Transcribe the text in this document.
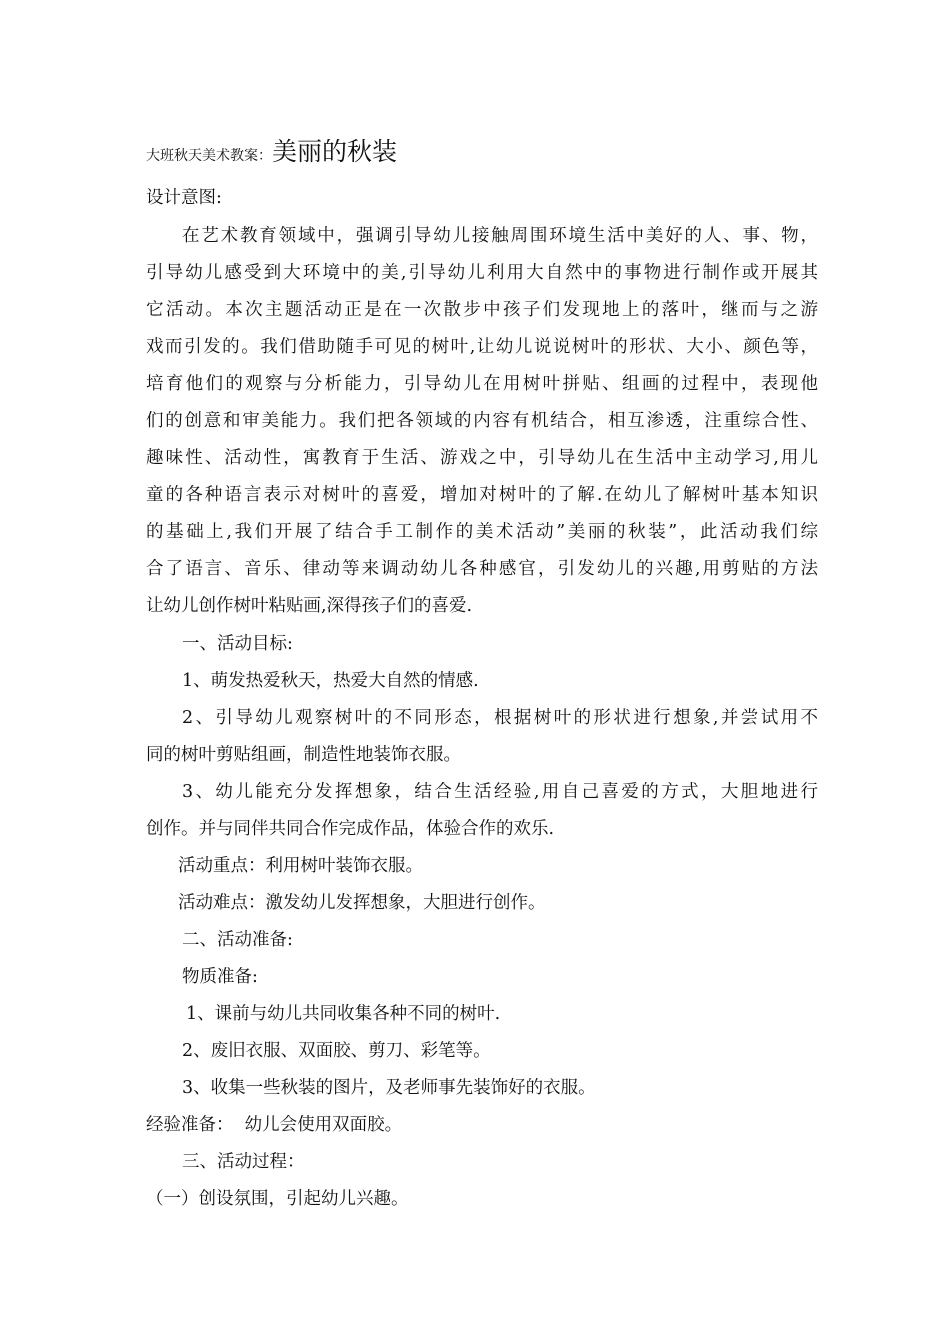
大班秋天美术教案：美丽的秋装
设计意图:
在艺术教育领域中，强调引导幼儿接触周围环境生活中美好的人、事、物，
引导幼儿感受到大环境中的美,引导幼儿利用大自然中的事物进行制作或开展其
它活动。本次主题活动正是在一次散步中孩子们发现地上的落叶，继而与之游
戏而引发的。我们借助随手可见的树叶,让幼儿说说树叶的形状、大小、颜色等，
培育他们的观察与分析能力，引导幼儿在用树叶拼贴、组画的过程中，表现他
们的创意和审美能力。我们把各领域的内容有机结合，相互渗透，注重综合性、
趣味性、活动性，寓教育于生活、游戏之中，引导幼儿在生活中主动学习,用儿
童的各种语言表示对树叶的喜爱，增加对树叶的了解.在幼儿了解树叶基本知识
的基础上,我们开展了结合手工制作的美术活动”美丽的秋装”，此活动我们综
合了语言、音乐、律动等来调动幼儿各种感官，引发幼儿的兴趣,用剪贴的方法
让幼儿创作树叶粘贴画,深得孩子们的喜爱.
一、活动目标:
1、萌发热爱秋天，热爱大自然的情感.
2、引导幼儿观察树叶的不同形态，根据树叶的形状进行想象,并尝试用不
同的树叶剪贴组画，制造性地装饰衣服。
3、幼儿能充分发挥想象，结合生活经验,用自己喜爱的方式，大胆地进行
创作。并与同伴共同合作完成作品，体验合作的欢乐.
活动重点：利用树叶装饰衣服。
活动难点：激发幼儿发挥想象，大胆进行创作。
二、活动准备:
物质准备:
1、课前与幼儿共同收集各种不同的树叶.
2、废旧衣服、双面胶、剪刀、彩笔等。
3、收集一些秋装的图片，及老师事先装饰好的衣服。
经验准备：  幼儿会使用双面胶。
三、活动过程：
（一）创设氛围，引起幼儿兴趣。
